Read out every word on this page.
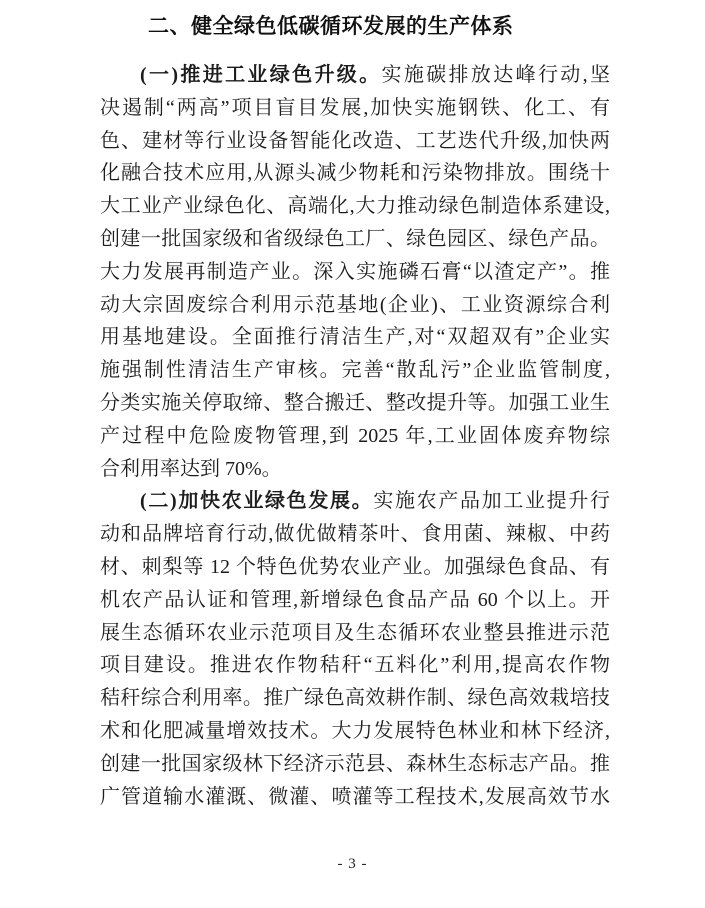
二、健全绿色低碳循环发展的生产体系
(一)推进工业绿色升级。实施碳排放达峰行动,坚
决遏制“两高”项目盲目发展,加快实施钢铁、化工、有
色、建材等行业设备智能化改造、工艺迭代升级,加快两
化融合技术应用,从源头减少物耗和污染物排放。围绕十
大工业产业绿色化、高端化,大力推动绿色制造体系建设,
创建一批国家级和省级绿色工厂、绿色园区、绿色产品。
大力发展再制造产业。深入实施磷石膏“以渣定产”。推
动大宗固废综合利用示范基地(企业)、工业资源综合利
用基地建设。全面推行清洁生产,对“双超双有”企业实
施强制性清洁生产审核。完善“散乱污”企业监管制度,
分类实施关停取缔、整合搬迁、整改提升等。加强工业生
产过程中危险废物管理,到 2025 年,工业固体废弃物综
合利用率达到 70%。
(二)加快农业绿色发展。实施农产品加工业提升行
动和品牌培育行动,做优做精茶叶、食用菌、辣椒、中药
材、刺梨等 12 个特色优势农业产业。加强绿色食品、有
机农产品认证和管理,新增绿色食品产品 60 个以上。开
展生态循环农业示范项目及生态循环农业整县推进示范
项目建设。推进农作物秸秆“五料化”利用,提高农作物
秸秆综合利用率。推广绿色高效耕作制、绿色高效栽培技
术和化肥减量增效技术。大力发展特色林业和林下经济,
创建一批国家级林下经济示范县、森林生态标志产品。推
广管道输水灌溉、微灌、喷灌等工程技术,发展高效节水
- 3 -
